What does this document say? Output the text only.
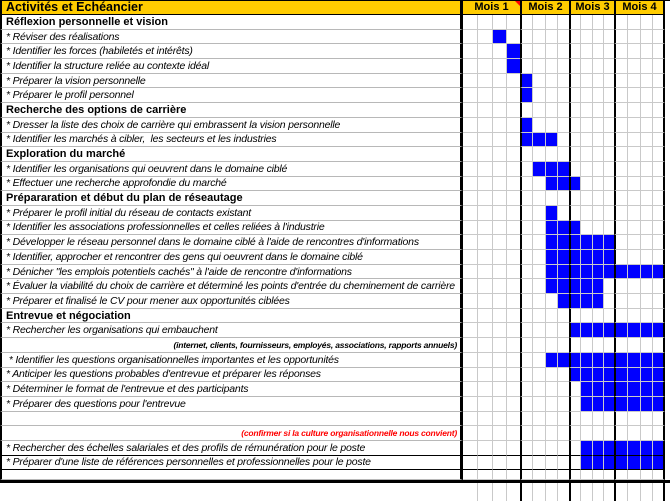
Activités et Echéancier	Mois 1 Mois 2 Mois 3 Mois 4
Réflexion personnelle et vision
* Réviser des réalisations
* Identifier les forces (habiletés et intérêts)
* Identifier la structure reliée au contexte idéal
* Préparer la vision personnelle
* Préparer le profil personnel
Recherche des options de carrière
* Dresser la liste des choix de carrière qui embrassent la vision personnelle
* Identifier les marchés à cibler,  les secteurs et les industries
Exploration du marché
* Identifier les organisations qui oeuvrent dans le domaine ciblé
* Effectuer une recherche approfondie du marché
Prépararation et début du plan de réseautage
* Préparer le profil initial du réseau de contacts existant
* Identifier les associations professionnelles et celles reliées à l'industrie
* Développer le réseau personnel dans le domaine ciblé à l'aide de rencontres d'informations
* Identifier, approcher et rencontrer des gens qui oeuvrent dans le domaine ciblé
* Dénicher "les emplois potentiels cachés" à l'aide de rencontre d'informations
* Évaluer la viabilité du choix de carrière et déterminé les points d'entrée du cheminement de carrière
* Préparer et finalisé le CV pour mener aux opportunités ciblées
Entrevue et négociation
* Rechercher les organisations qui embauchent
(internet, clients, fournisseurs, employés, associations, rapports annuels)
* Identifier les questions organisationnelles importantes et les opportunités
* Anticiper les questions probables d'entrevue et préparer les réponses
* Déterminer le format de l'entrevue et des participants
* Préparer des questions pour l'entrevue
(confirmer si la culture organisationnelle nous convient)
* Rechercher des échelles salariales et des profils de rémunération pour le poste
* Préparer d'une liste de références personnelles et professionnelles pour le poste
